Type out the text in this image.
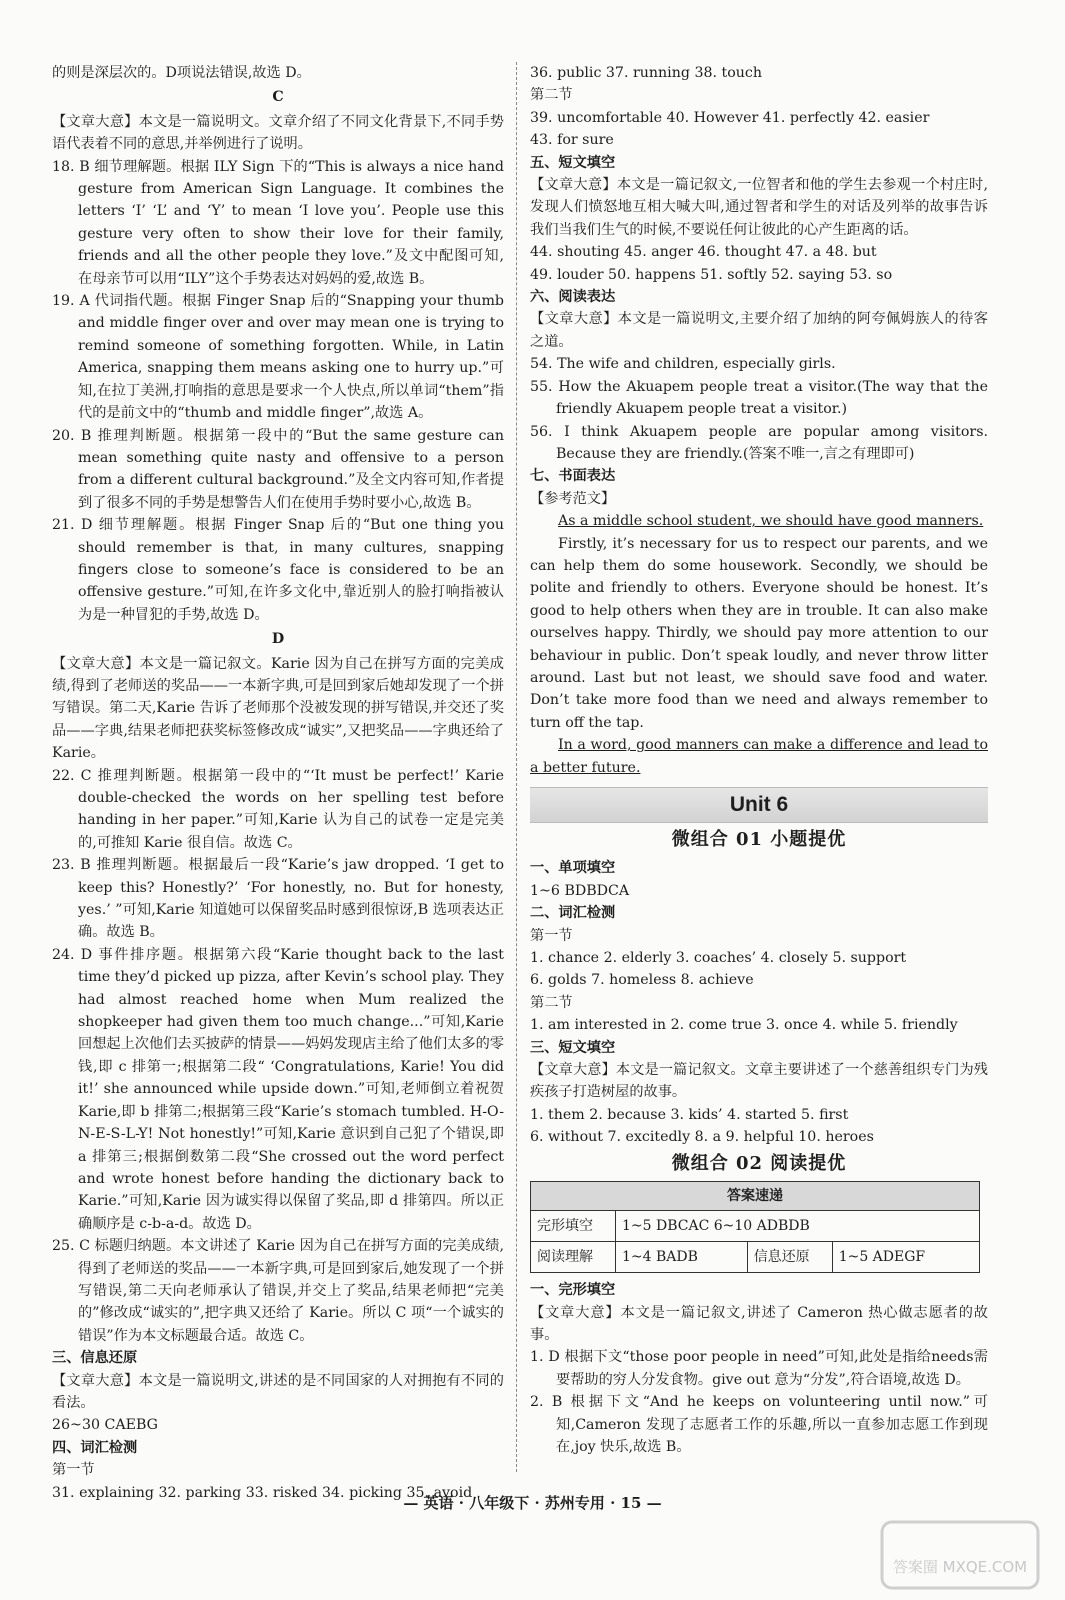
的则是深层次的。D项说法错误,故选 D。

C

【文章大意】本文是一篇说明文。文章介绍了不同文化背景下,不同手势语代表着不同的意思,并举例进行了说明。

18. B 细节理解题。根据 ILY Sign 下的“This is always a nice hand gesture from American Sign Language. It combines the letters ‘I’ ‘L’ and ‘Y’ to mean ‘I love you’. People use this gesture very often to show their love for their family, friends and all the other people they love.”及文中配图可知,在母亲节可以用“ILY”这个手势表达对妈妈的爱,故选 B。

19. A 代词指代题。根据 Finger Snap 后的“Snapping your thumb and middle finger over and over may mean one is trying to remind someone of something forgotten. While, in Latin America, snapping them means asking one to hurry up.”可知,在拉丁美洲,打响指的意思是要求一个人快点,所以单词“them”指代的是前文中的“thumb and middle finger”,故选 A。

20. B 推理判断题。根据第一段中的“But the same gesture can mean something quite nasty and offensive to a person from a different cultural background.”及全文内容可知,作者提到了很多不同的手势是想警告人们在使用手势时要小心,故选 B。

21. D 细节理解题。根据 Finger Snap 后的“But one thing you should remember is that, in many cultures, snapping fingers close to someone’s face is considered to be an offensive gesture.”可知,在许多文化中,靠近别人的脸打响指被认为是一种冒犯的手势,故选 D。

D

【文章大意】本文是一篇记叙文。Karie 因为自己在拼写方面的完美成绩,得到了老师送的奖品——一本新字典,可是回到家后她却发现了一个拼写错误。第二天,Karie 告诉了老师那个没被发现的拼写错误,并交还了奖品——字典,结果老师把获奖标签修改成“诚实”,又把奖品——字典还给了 Karie。

22. C 推理判断题。根据第一段中的“‘It must be perfect!’ Karie double-checked the words on her spelling test before handing in her paper.”可知,Karie 认为自己的试卷一定是完美的,可推知 Karie 很自信。故选 C。

23. B 推理判断题。根据最后一段“Karie’s jaw dropped. ‘I get to keep this? Honestly?’ ‘For honestly, no. But for honesty, yes.’ ”可知,Karie 知道她可以保留奖品时感到很惊讶,B 选项表达正确。故选 B。

24. D 事件排序题。根据第六段“Karie thought back to the last time they’d picked up pizza, after Kevin’s school play. They had almost reached home when Mum realized the shopkeeper had given them too much change...”可知,Karie 回想起上次他们去买披萨的情景——妈妈发现店主给了他们太多的零钱,即 c 排第一;根据第二段“ ‘Congratulations, Karie! You did it!’ she announced while upside down.”可知,老师倒立着祝贺 Karie,即 b 排第二;根据第三段“Karie’s stomach tumbled. H-O-N-E-S-L-Y! Not honestly!”可知,Karie 意识到自己犯了个错误,即 a 排第三;根据倒数第二段“She crossed out the word perfect and wrote honest before handing the dictionary back to Karie.”可知,Karie 因为诚实得以保留了奖品,即 d 排第四。所以正确顺序是 c-b-a-d。故选 D。

25. C 标题归纳题。本文讲述了 Karie 因为自己在拼写方面的完美成绩,得到了老师送的奖品——一本新字典,可是回到家后,她发现了一个拼写错误,第二天向老师承认了错误,并交上了奖品,结果老师把“完美的”修改成“诚实的”,把字典又还给了 Karie。所以 C 项“一个诚实的错误”作为本文标题最合适。故选 C。

三、信息还原

【文章大意】本文是一篇说明文,讲述的是不同国家的人对拥抱有不同的看法。

26~30 CAEBG

四、词汇检测

第一节

31. explaining 32. parking 33. risked 34. picking 35. avoid

36. public 37. running 38. touch

第二节

39. uncomfortable 40. However 41. perfectly 42. easier

43. for sure

五、短文填空

【文章大意】本文是一篇记叙文,一位智者和他的学生去参观一个村庄时,发现人们愤怒地互相大喊大叫,通过智者和学生的对话及列举的故事告诉我们当我们生气的时候,不要说任何让彼此的心产生距离的话。

44. shouting 45. anger 46. thought 47. a 48. but

49. louder 50. happens 51. softly 52. saying 53. so

六、阅读表达

【文章大意】本文是一篇说明文,主要介绍了加纳的阿夸佩姆族人的待客之道。

54. The wife and children, especially girls.

55. How the Akuapem people treat a visitor.(The way that the friendly Akuapem people treat a visitor.)

56. I think Akuapem people are popular among visitors. Because they are friendly.(答案不唯一,言之有理即可)

七、书面表达

【参考范文】

As a middle school student, we should have good manners.

Firstly, it’s necessary for us to respect our parents, and we can help them do some housework. Secondly, we should be polite and friendly to others. Everyone should be honest. It’s good to help others when they are in trouble. It can also make ourselves happy. Thirdly, we should pay more attention to our behaviour in public. Don’t speak loudly, and never throw litter around. Last but not least, we should save food and water. Don’t take more food than we need and always remember to turn off the tap.

In a word, good manners can make a difference and lead to a better future.

Unit 6
微组合 01 小题提优

一、单项填空

1~6 BDBDCA

二、词汇检测

第一节

1. chance 2. elderly 3. coaches’ 4. closely 5. support

6. golds 7. homeless 8. achieve

第二节

1. am interested in 2. come true 3. once 4. while 5. friendly

三、短文填空

【文章大意】本文是一篇记叙文。文章主要讲述了一个慈善组织专门为残疾孩子打造树屋的故事。

1. them 2. because 3. kids’ 4. started 5. first

6. without 7. excitedly 8. a 9. helpful 10. heroes

微组合 02 阅读提优
答案速递			
完形填空	1~5 DBCAC 6~10 ADBDB		
阅读理解	1~4 BADB	信息还原	1~5 ADEGF

一、完形填空

【文章大意】本文是一篇记叙文,讲述了 Cameron 热心做志愿者的故事。

1. D 根据下文“those poor people in need”可知,此处是指给needs需要帮助的穷人分发食物。give out 意为“分发”,符合语境,故选 D。

2. B 根据下文“And he keeps on volunteering until now.”可知,Cameron 发现了志愿者工作的乐趣,所以一直参加志愿工作到现在,joy 快乐,故选 B。

— 英语 · 八年级下 · 苏州专用 · 15 —
答案圈 MXQE.COM
